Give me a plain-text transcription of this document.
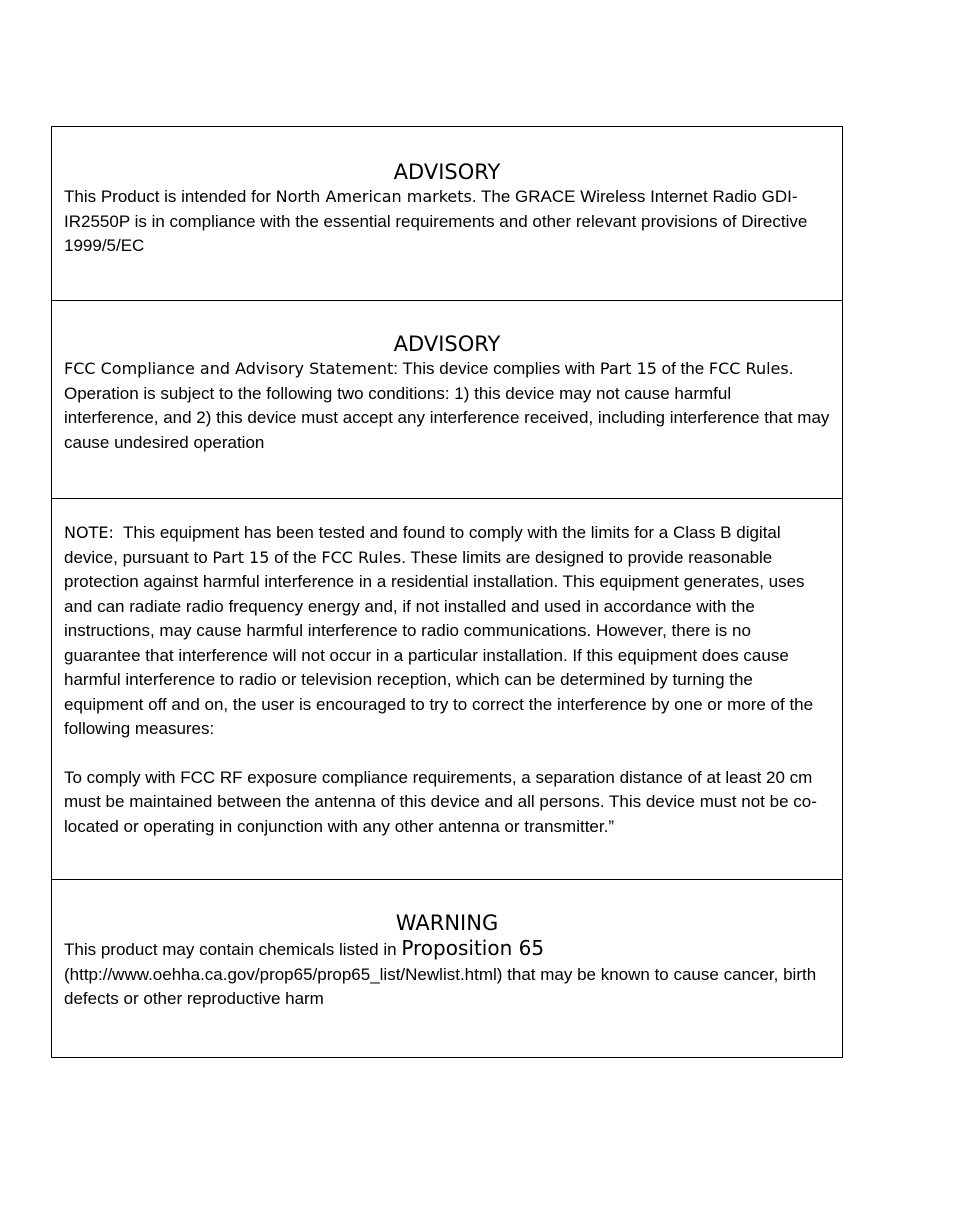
ADVISORY

This Product is intended for North American markets. The GRACE Wireless Internet Radio GDI-IR2550P is in compliance with the essential requirements and other relevant provisions of Directive 1999/5/EC

ADVISORY

FCC Compliance and Advisory Statement: This device complies with Part 15 of the FCC Rules. Operation is subject to the following two conditions: 1) this device may not cause harmful interference, and 2) this device must accept any interference received, including interference that may cause undesired operation

NOTE:  This equipment has been tested and found to comply with the limits for a Class B digital device, pursuant to Part 15 of the FCC Rules. These limits are designed to provide reasonable protection against harmful interference in a residential installation. This equipment generates, uses and can radiate radio frequency energy and, if not installed and used in accordance with the instructions, may cause harmful interference to radio communications. However, there is no guarantee that interference will not occur in a particular installation. If this equipment does cause harmful interference to radio or television reception, which can be determined by turning the equipment off and on, the user is encouraged to try to correct the interference by one or more of the following measures:

To comply with FCC RF exposure compliance requirements, a separation distance of at least 20 cm must be maintained between the antenna of this device and all persons. This device must not be co-located or operating in conjunction with any other antenna or transmitter.”

WARNING

This product may contain chemicals listed in Proposition 65 (http://www.oehha.ca.gov/prop65/prop65_list/Newlist.html) that may be known to cause cancer, birth defects or other reproductive harm
